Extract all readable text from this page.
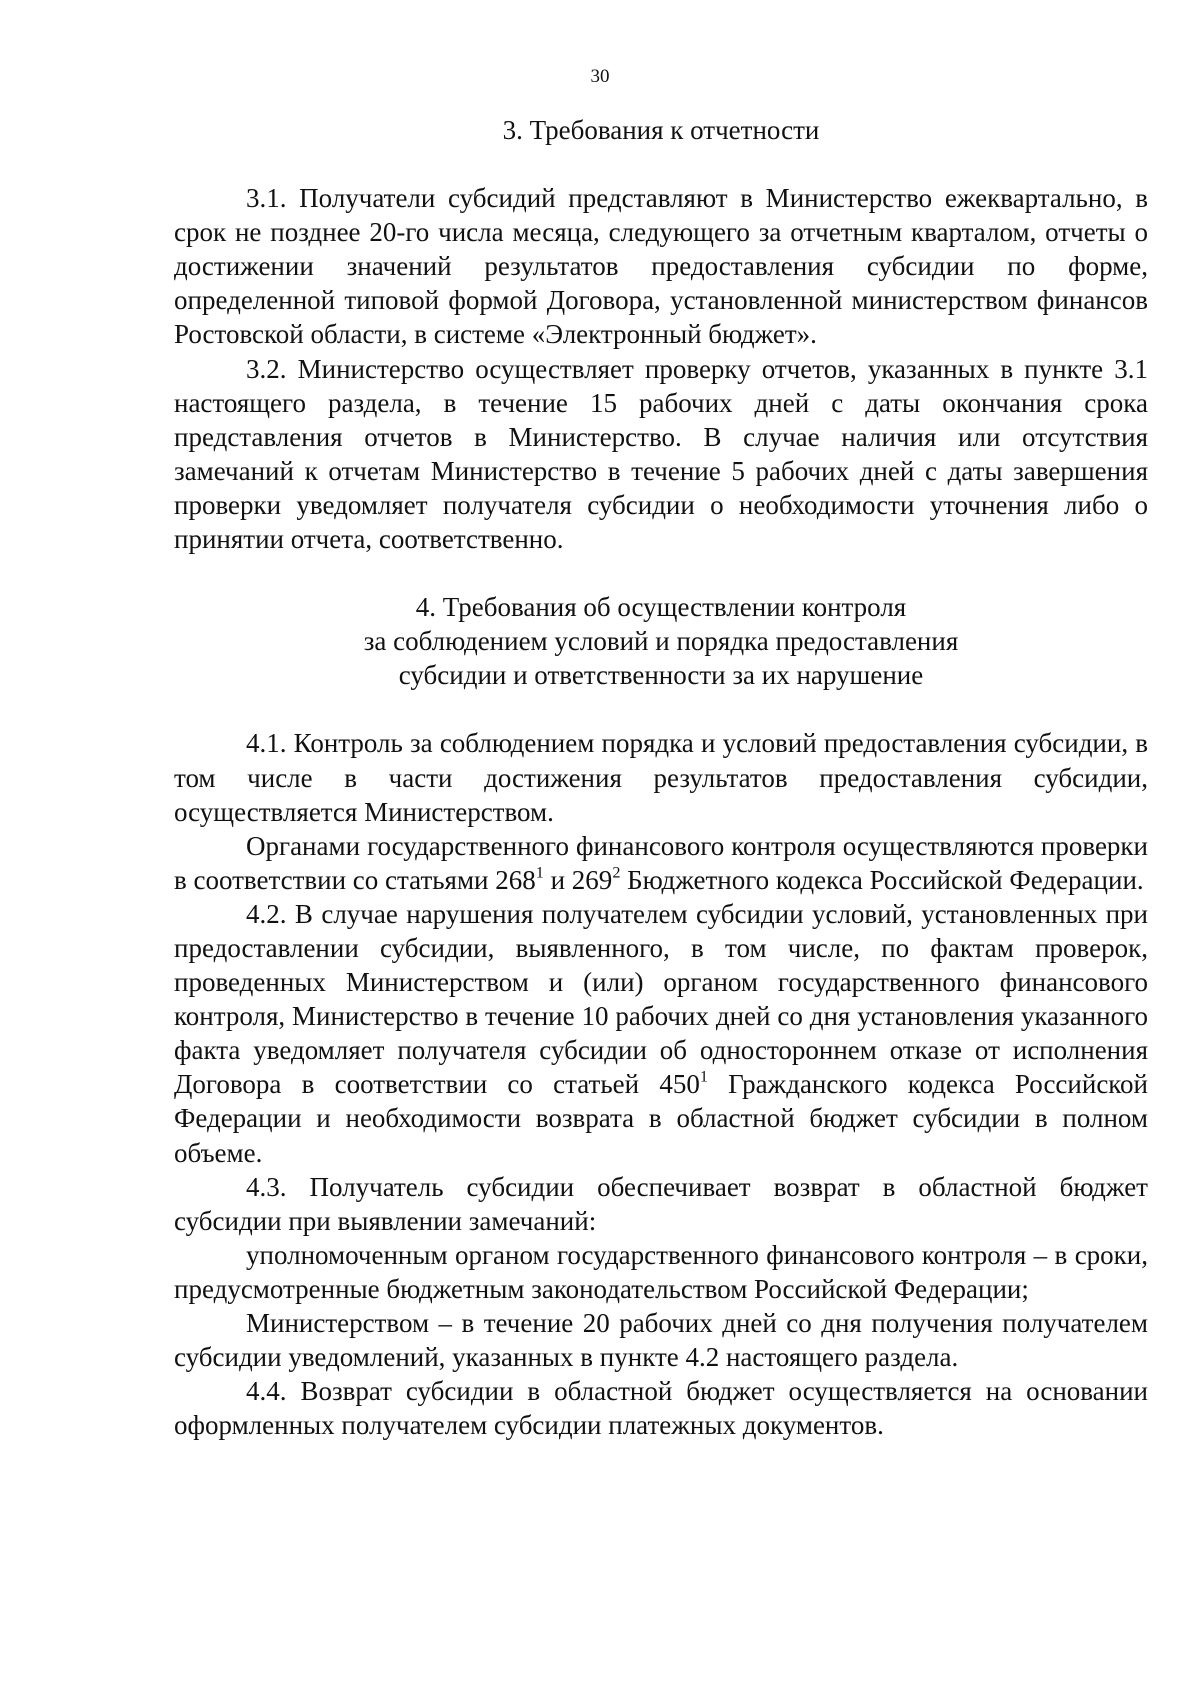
30

3. Требования к отчетности

3.1. Получатели субсидий представляют в Министерство ежеквартально, в срок не позднее 20-го числа месяца, следующего за отчетным кварталом, отчеты о достижении значений результатов предоставления субсидии по форме, определенной типовой формой Договора, установленной министерством финансов Ростовской области, в системе «Электронный бюджет».

3.2. Министерство осуществляет проверку отчетов, указанных в пункте 3.1 настоящего раздела, в течение 15 рабочих дней с даты окончания срока представления отчетов в Министерство. В случае наличия или отсутствия замечаний к отчетам Министерство в течение 5 рабочих дней с даты завершения проверки уведомляет получателя субсидии о необходимости уточнения либо о принятии отчета, соответственно.

4. Требования об осуществлении контроля
за соблюдением условий и порядка предоставления
субсидии и ответственности за их нарушение

4.1. Контроль за соблюдением порядка и условий предоставления субсидии, в том числе в части достижения результатов предоставления субсидии, осуществляется Министерством.

Органами государственного финансового контроля осуществляются проверки в соответствии со статьями $268^1$ и $269^2$ Бюджетного кодекса Российской Федерации.

4.2. В случае нарушения получателем субсидии условий, установленных при предоставлении субсидии, выявленного, в том числе, по фактам проверок, проведенных Министерством и (или) органом государственного финансового контроля, Министерство в течение 10 рабочих дней со дня установления указанного факта уведомляет получателя субсидии об одностороннем отказе от исполнения Договора в соответствии со статьей $450^1$ Гражданского кодекса Российской Федерации и необходимости возврата в областной бюджет субсидии в полном объеме.

4.3. Получатель субсидии обеспечивает возврат в областной бюджет субсидии при выявлении замечаний:

уполномоченным органом государственного финансового контроля – в сроки, предусмотренные бюджетным законодательством Российской Федерации;

Министерством – в течение 20 рабочих дней со дня получения получателем субсидии уведомлений, указанных в пункте 4.2 настоящего раздела.

4.4. Возврат субсидии в областной бюджет осуществляется на основании оформленных получателем субсидии платежных документов.
